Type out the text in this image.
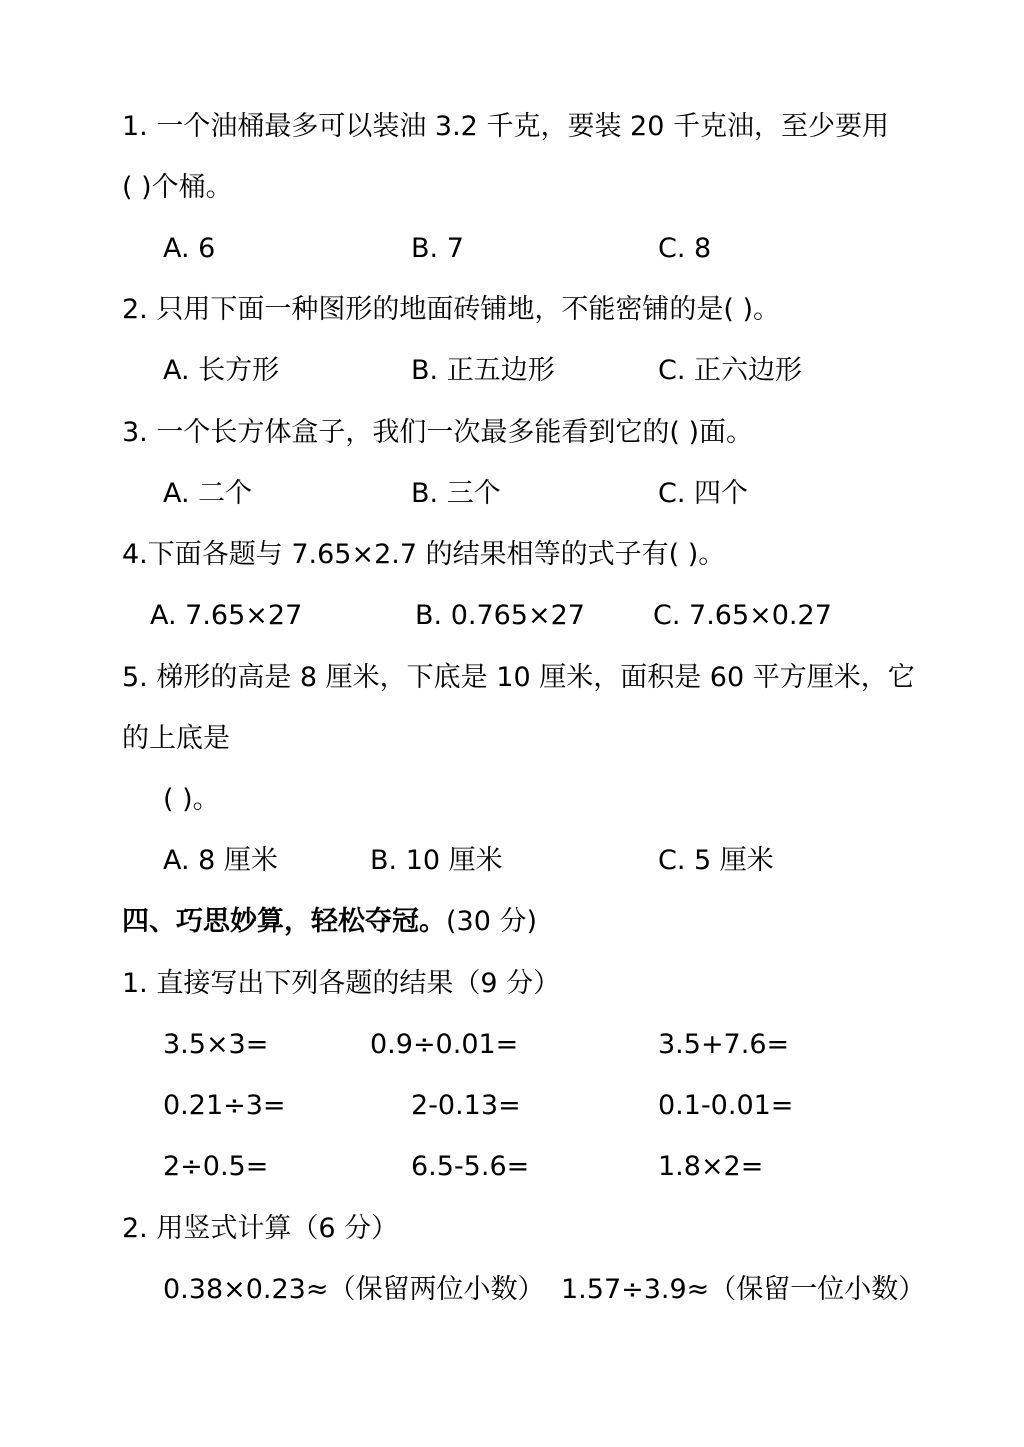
1. 一个油桶最多可以装油 3.2 千克，要装 20 千克油，至少要用
( )个桶。
A. 6	B. 7	C. 8
2. 只用下面一种图形的地面砖铺地，不能密铺的是( )。
A. 长方形	B. 正五边形	C. 正六边形
3. 一个长方体盒子，我们一次最多能看到它的( )面。
A. 二个	B. 三个	C. 四个
4.下面各题与 7.65×2.7 的结果相等的式子有( )。
A. 7.65×27	B. 0.765×27	C. 7.65×0.27
5. 梯形的高是 8 厘米，下底是 10 厘米，面积是 60 平方厘米，它
的上底是
( )。
A. 8 厘米	B. 10 厘米	C. 5 厘米
四、巧思妙算，轻松夺冠。(30 分)
1. 直接写出下列各题的结果（9 分）
3.5×3=	0.9÷0.01=	3.5+7.6=
0.21÷3=	2-0.13=	0.1-0.01=
2÷0.5=	6.5-5.6=	1.8×2=
2. 用竖式计算（6 分）
0.38×0.23≈（保留两位小数） 1.57÷3.9≈（保留一位小数）
